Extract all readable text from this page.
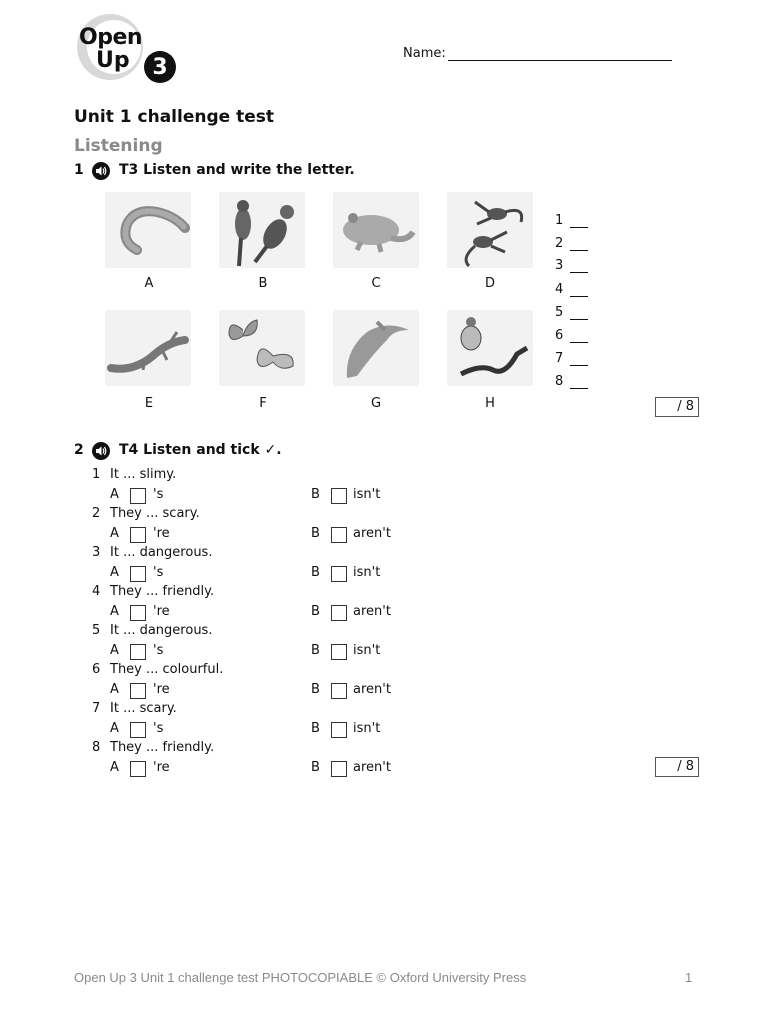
Open
Up	3
Name:
Unit 1 challenge test
Listening
1	T3 Listen and write the letter.
A	B	C	D
E	F	G	H
1
2
3
4
5
6
7
8
/ 8
2	T4 Listen and tick ✓.
1 It ... slimy.
A	's	B	isn't
2 They ... scary.
A	're	B	aren't
3 It ... dangerous.
A	's	B	isn't
4 They ... friendly.
A	're	B	aren't
5 It ... dangerous.
A	's	B	isn't
6 They ... colourful.
A	're	B	aren't
7 It ... scary.
A	's	B	isn't
8 They ... friendly.
A	're	B	aren't	/ 8
Open Up 3 Unit 1 challenge test PHOTOCOPIABLE © Oxford University Press	1
